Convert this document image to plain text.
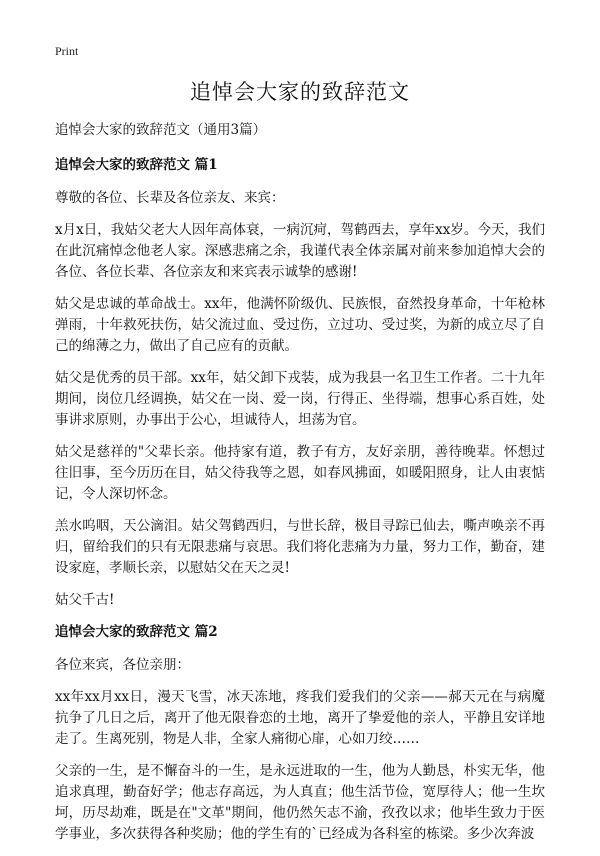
Print
追悼会大家的致辞范文

追悼会大家的致辞范文（通用3篇）

追悼会大家的致辞范文 篇1

尊敬的各位、长辈及各位亲友、来宾：

x月x日，我姑父老大人因年高体衰，一病沉疴，驾鹤西去，享年xx岁。今天，我们在此沉痛悼念他老人家。深感悲痛之余，我谨代表全体亲属对前来参加追悼大会的各位、各位长辈、各位亲友和来宾表示诚挚的感谢!

姑父是忠诚的革命战士。xx年，他满怀阶级仇、民族恨，奋然投身革命，十年枪林弹雨，十年救死扶伤，姑父流过血、受过伤，立过功、受过奖，为新的成立尽了自己的绵薄之力，做出了自己应有的贡献。

姑父是优秀的员干部。xx年，姑父卸下戎装，成为我县一名卫生工作者。二十九年期间，岗位几经调换，姑父在一岗、爱一岗，行得正、坐得端，想事心系百姓，处事讲求原则，办事出于公心，坦诚待人，坦荡为官。

姑父是慈祥的"父辈长亲。他持家有道，教子有方，友好亲朋，善待晚辈。怀想过往旧事，至今历历在目，姑父待我等之恩，如春风拂面，如暖阳照身，让人由衷惦记，令人深切怀念。

羔水呜咽，天公滴泪。姑父驾鹤西归，与世长辞，极目寻踪已仙去，嘶声唤亲不再归，留给我们的只有无限悲痛与哀思。我们将化悲痛为力量，努力工作，勤奋，建设家庭，孝顺长亲，以慰姑父在天之灵!

姑父千古!

追悼会大家的致辞范文 篇2

各位来宾，各位亲朋：

xx年xx月xx日，漫天飞雪，冰天冻地，疼我们爱我们的父亲——郝天元在与病魔抗争了几日之后，离开了他无限眷恋的土地，离开了挚爱他的亲人，平静且安详地走了。生离死别，物是人非，全家人痛彻心扉，心如刀绞……

父亲的一生，是不懈奋斗的一生，是永远进取的一生，他为人勤恳，朴实无华，他追求真理，勤奋好学；他志存高远，为人真直；他生活节俭，宽厚待人；他一生坎坷，历尽劫难，既是在"文革"期间，他仍然矢志不渝，孜孜以求；他毕生致力于医学事业，多次获得各种奖励；他的学生有的`已经成为各科室的栋梁。多少次奔波
